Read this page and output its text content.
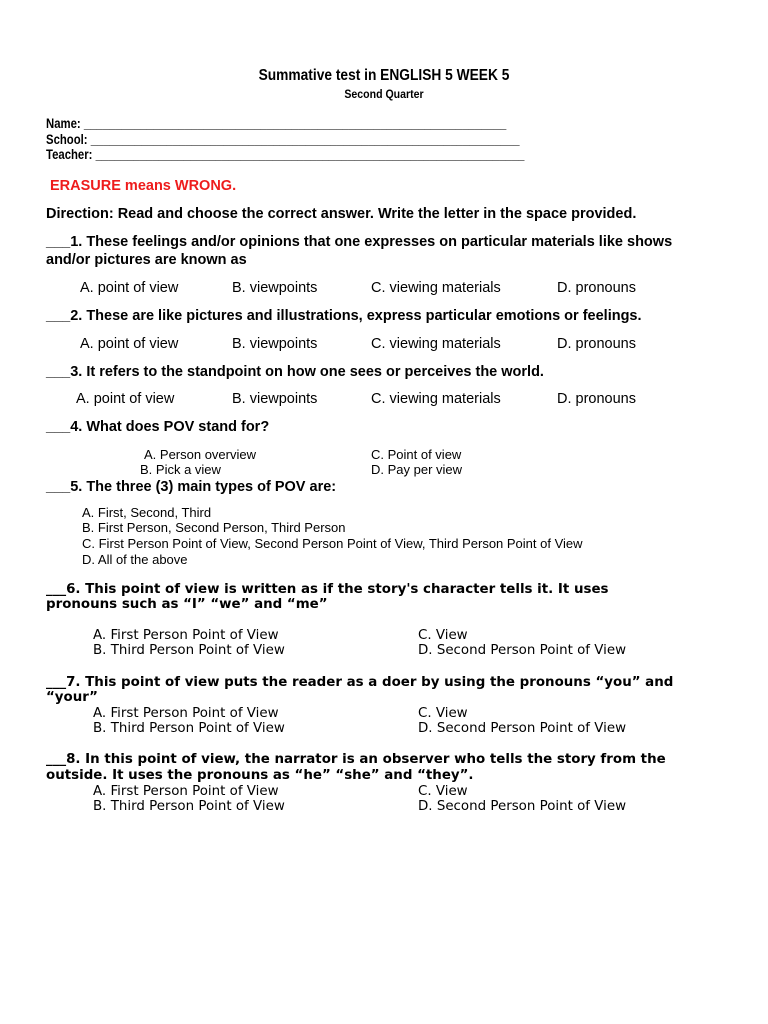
Summative test in ENGLISH 5 WEEK 5
Second Quarter
Name: ___________________________________________________________________
School: ____________________________________________________________________
Teacher: ____________________________________________________________________
ERASURE means WRONG.
Direction: Read and choose the correct answer. Write the letter in the space provided.
___1. These feelings and/or opinions that one expresses on particular materials like shows
and/or pictures are known as
A. point of view	B. viewpoints	C. viewing materials	D. pronouns
___2. These are like pictures and illustrations, express particular emotions or feelings.
A. point of view	B. viewpoints	C. viewing materials	D. pronouns
___3. It refers to the standpoint on how one sees or perceives the world.
A. point of view	B. viewpoints	C. viewing materials	D. pronouns
___4. What does POV stand for?
A. Person overview	C. Point of view
B. Pick a view	D. Pay per view
___5. The three (3) main types of POV are:
A. First, Second, Third
B. First Person, Second Person, Third Person
C. First Person Point of View, Second Person Point of View, Third Person Point of View
D. All of the above
___6. This point of view is written as if the story's character tells it. It uses
pronouns such as “I” “we” and “me”
A. First Person Point of View	C. View
B. Third Person Point of View	D. Second Person Point of View
___7. This point of view puts the reader as a doer by using the pronouns “you” and
“your”
A. First Person Point of View	C. View
B. Third Person Point of View	D. Second Person Point of View
___8. In this point of view, the narrator is an observer who tells the story from the
outside. It uses the pronouns as “he” “she” and “they”.
A. First Person Point of View	C. View
B. Third Person Point of View	D. Second Person Point of View
